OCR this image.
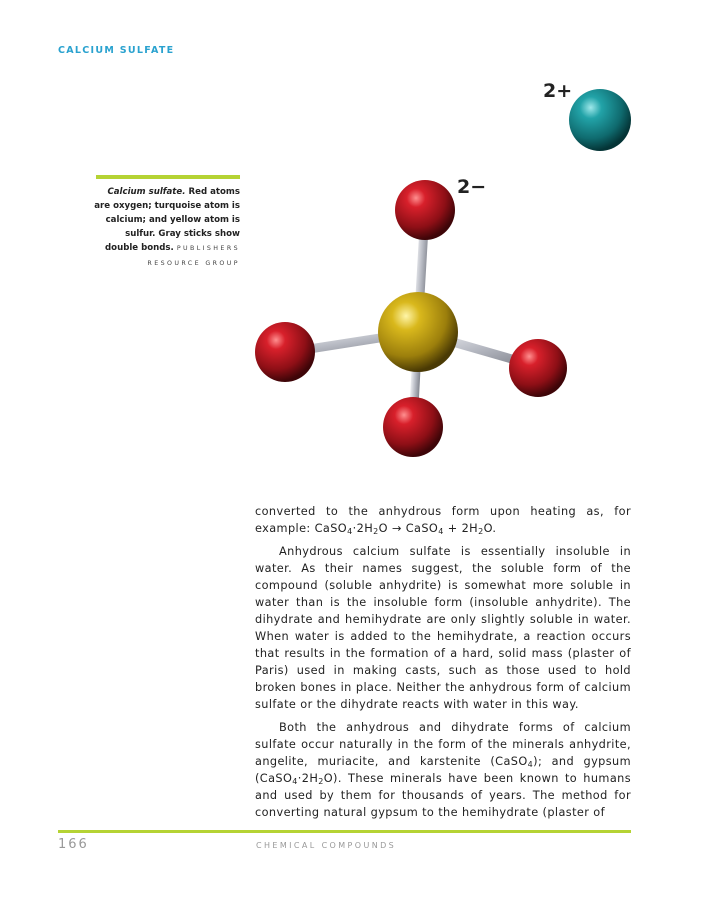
CALCIUM SULFATE
Calcium sulfate. Red atoms are oxygen; turquoise atom is calcium; and yellow atom is sulfur. Gray sticks show double bonds. PUBLISHERS RESOURCE GROUP
2+
2−

converted to the anhydrous form upon heating as, for example: $CaSO_4\cdot 2H_2O$ → CaSO$_4$ + $2H_2O$.

Anhydrous calcium sulfate is essentially insoluble in water. As their names suggest, the soluble form of the compound (soluble anhydrite) is somewhat more soluble in water than is the insoluble form (insoluble anhydrite). The dihydrate and hemihydrate are only slightly soluble in water. When water is added to the hemihydrate, a reaction occurs that results in the formation of a hard, solid mass (plaster of Paris) used in making casts, such as those used to hold broken bones in place. Neither the anhydrous form of calcium sulfate or the dihydrate reacts with water in this way.

Both the anhydrous and dihydrate forms of calcium sulfate occur naturally in the form of the minerals anhydrite, angelite, muriacite, and karstenite (CaSO$_4$); and gypsum $(CaSO_4\cdot 2H_2O)$. These minerals have been known to humans and used by them for thousands of years. The method for converting natural gypsum to the hemihydrate (plaster of

166	CHEMICAL COMPOUNDS
